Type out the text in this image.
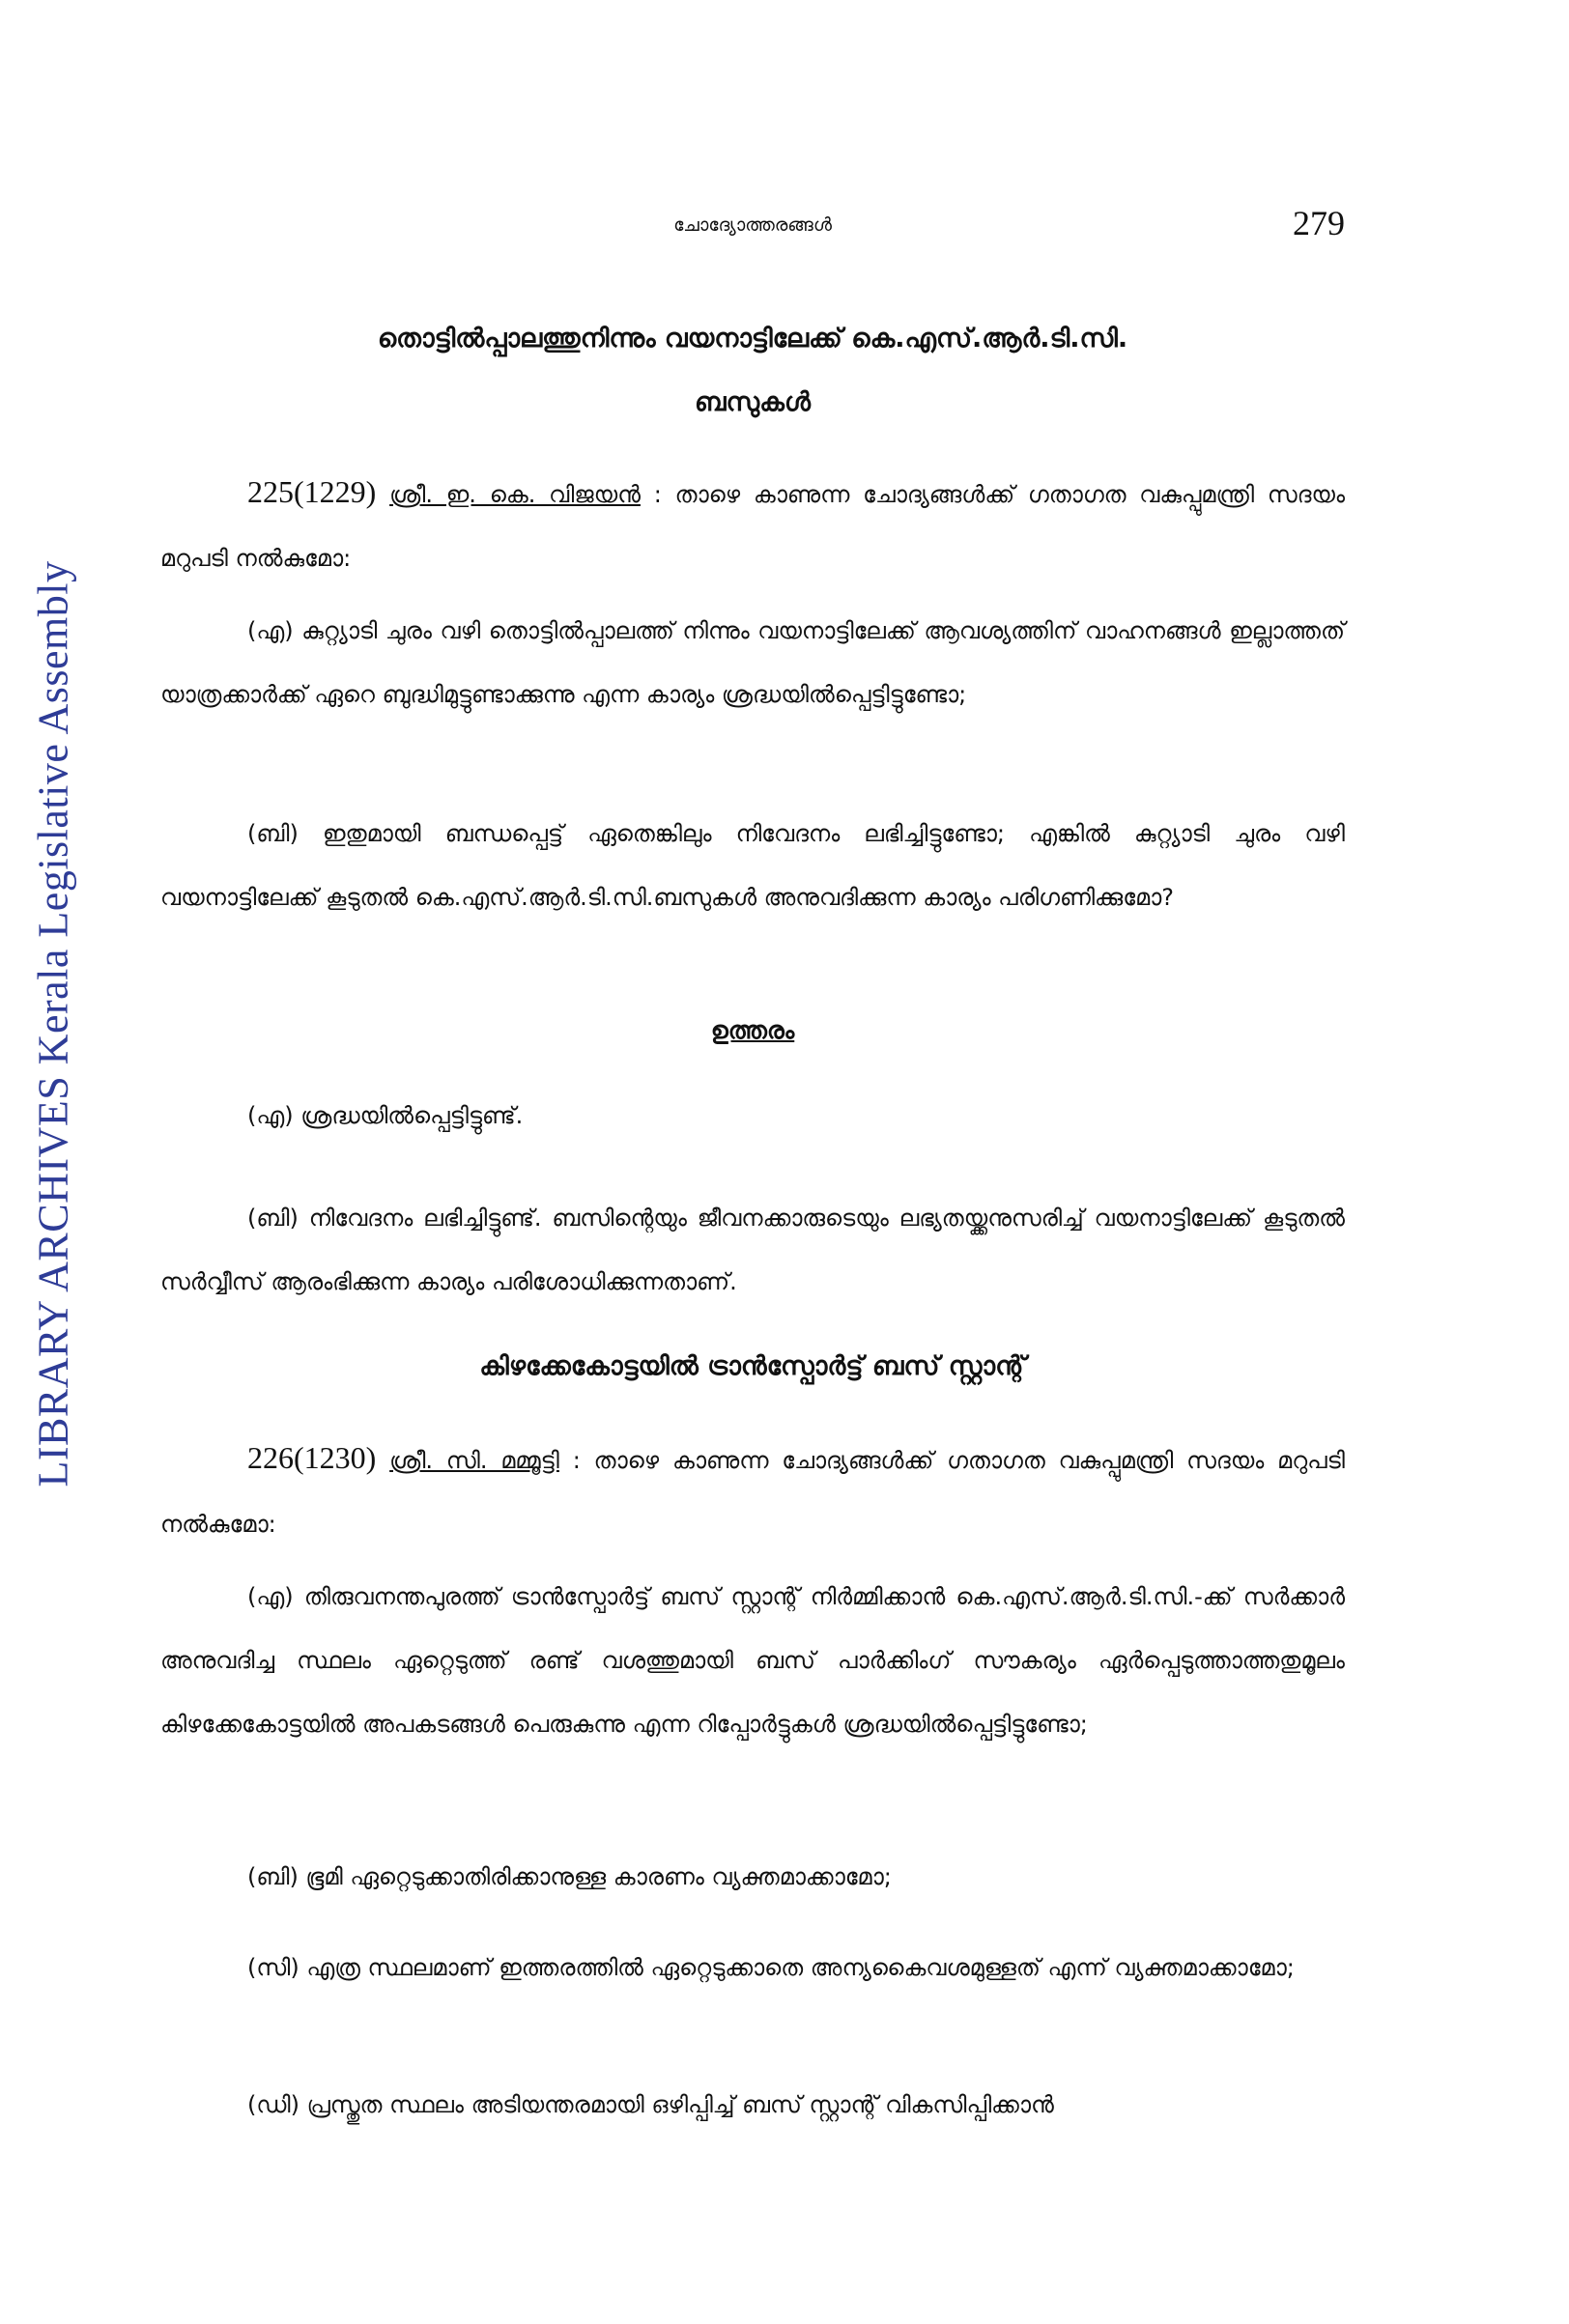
LIBRARY ARCHIVES Kerala Legislative Assembly
ചോദ്യോത്തരങ്ങൾ	279
തൊട്ടിൽപ്പാലത്തുനിന്നും വയനാട്ടിലേക്ക് കെ.എസ്.ആർ.ടി.സി.
ബസുകൾ
225(1229) ശ്രീ. ഇ. കെ. വിജയൻ : താഴെ കാണുന്ന ചോദ്യങ്ങൾക്ക് ഗതാഗത വകുപ്പുമന്ത്രി സദയം മറുപടി നൽകുമോ:
(എ) കുറ്റ്യാടി ചുരം വഴി തൊട്ടിൽപ്പാലത്ത് നിന്നും വയനാട്ടിലേക്ക് ആവശ്യത്തിന് വാഹനങ്ങൾ ഇല്ലാത്തത് യാത്രക്കാർക്ക് ഏറെ ബുദ്ധിമുട്ടുണ്ടാക്കുന്നു എന്ന കാര്യം ശ്രദ്ധയിൽപ്പെട്ടിട്ടുണ്ടോ;
(ബി) ഇതുമായി ബന്ധപ്പെട്ട് ഏതെങ്കിലും നിവേദനം ലഭിച്ചിട്ടുണ്ടോ; എങ്കിൽ കുറ്റ്യാടി ചുരം വഴി വയനാട്ടിലേക്ക് കൂടുതൽ കെ.എസ്.ആർ.ടി.സി.ബസുകൾ അനുവദിക്കുന്ന കാര്യം പരിഗണിക്കുമോ?
ഉത്തരം
(എ) ശ്രദ്ധയിൽപ്പെട്ടിട്ടുണ്ട്.
(ബി) നിവേദനം ലഭിച്ചിട്ടുണ്ട്. ബസിന്റെയും ജീവനക്കാരുടെയും ലഭ്യതയ്ക്കനുസരിച്ച് വയനാട്ടിലേക്ക് കൂടുതൽ സർവ്വീസ് ആരംഭിക്കുന്ന കാര്യം പരിശോധിക്കുന്നതാണ്.
കിഴക്കേകോട്ടയിൽ ട്രാൻസ്പോർട്ട് ബസ് സ്റ്റാന്റ്
226(1230) ശ്രീ. സി. മമ്മൂട്ടി : താഴെ കാണുന്ന ചോദ്യങ്ങൾക്ക് ഗതാഗത വകുപ്പുമന്ത്രി സദയം മറുപടി നൽകുമോ:
(എ) തിരുവനന്തപുരത്ത് ട്രാൻസ്പോർട്ട് ബസ് സ്റ്റാന്റ് നിർമ്മിക്കാൻ കെ.എസ്.ആർ.ടി.സി.-ക്ക് സർക്കാർ അനുവദിച്ച സ്ഥലം ഏറ്റെടുത്ത് രണ്ട് വശത്തുമായി ബസ് പാർക്കിംഗ് സൗകര്യം ഏർപ്പെടുത്താത്തതുമൂലം കിഴക്കേകോട്ടയിൽ അപകടങ്ങൾ പെരുകുന്നു എന്ന റിപ്പോർട്ടുകൾ ശ്രദ്ധയിൽപ്പെട്ടിട്ടുണ്ടോ;
(ബി) ഭൂമി ഏറ്റെടുക്കാതിരിക്കാനുള്ള കാരണം വ്യക്തമാക്കാമോ;
(സി) എത്ര സ്ഥലമാണ് ഇത്തരത്തിൽ ഏറ്റെടുക്കാതെ അന്യകൈവശമുള്ളത് എന്ന് വ്യക്തമാക്കാമോ;
(ഡി) പ്രസ്തുത സ്ഥലം അടിയന്തരമായി ഒഴിപ്പിച്ച് ബസ് സ്റ്റാന്റ് വികസിപ്പിക്കാൻ
